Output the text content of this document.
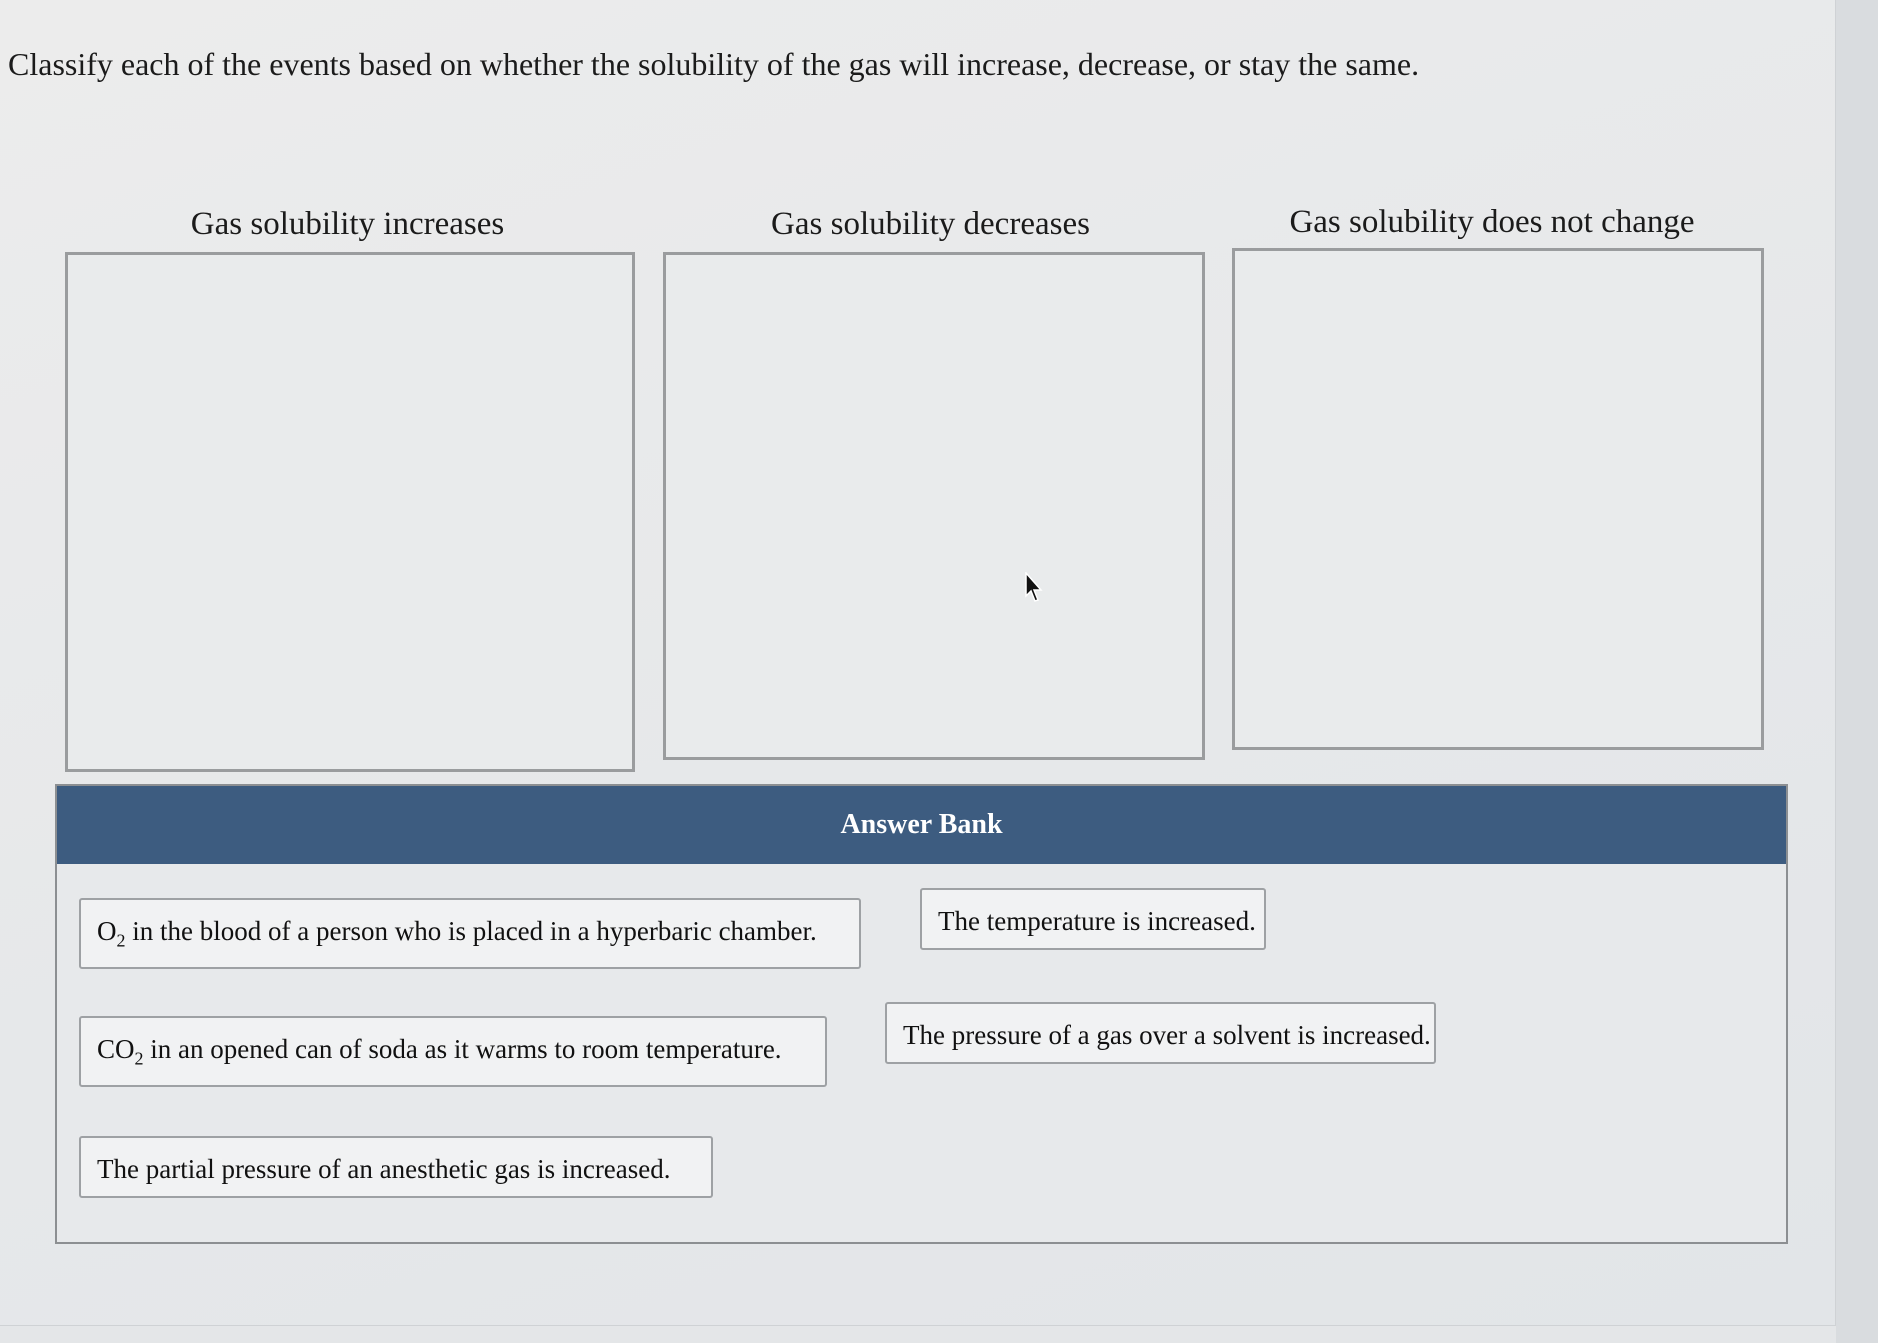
Classify each of the events based on whether the solubility of the gas will increase, decrease, or stay the same.
Gas solubility increases	Gas solubility decreases	Gas solubility does not change
Answer Bank
$O_2$ in the blood of a person who is placed in a hyperbaric chamber.	The temperature is increased.
$CO_2$ in an opened can of soda as it warms to room temperature.	The pressure of a gas over a solvent is increased.
The partial pressure of an anesthetic gas is increased.
